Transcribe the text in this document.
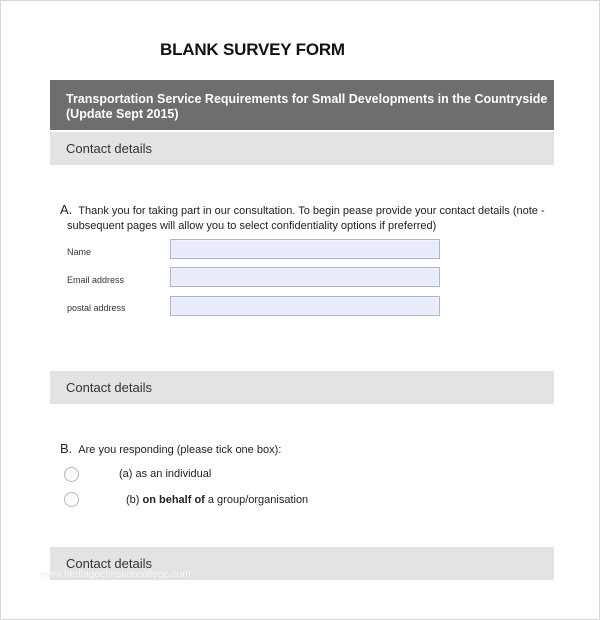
BLANK SURVEY FORM
Transportation Service Requirements for Small Developments in the Countryside
(Update Sept 2015)
Contact details
A. Thank you for taking part in our consultation. To begin pease provide your contact details (note -
subsequent pages will allow you to select confidentiality options if preferred)
Name
Email address
postal address
Contact details
B. Are you responding (please tick one box):
(a) as an individual
(b) on behalf of a group/organisation
Contact details
www.heritagechristiancollege.com
